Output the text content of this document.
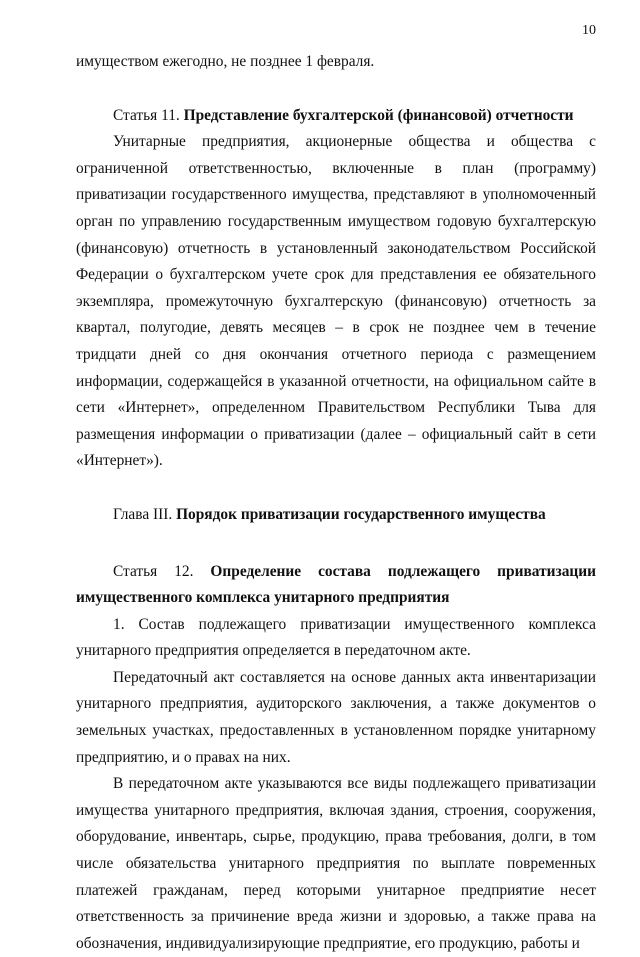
10

имуществом ежегодно, не позднее 1 февраля.

Статья 11. Представление бухгалтерской (финансовой) отчетности

Унитарные предприятия, акционерные общества и общества с ограниченной ответственностью, включенные в план (программу) приватизации государственного имущества, представляют в уполномоченный орган по управлению государственным имуществом годовую бухгалтерскую (финансовую) отчетность в установленный законодательством Российской Федерации о бухгалтерском учете срок для представления ее обязательного экземпляра, промежуточную бухгалтерскую (финансовую) отчетность за квартал, полугодие, девять месяцев – в срок не позднее чем в течение тридцати дней со дня окончания отчетного периода с размещением информации, содержащейся в указанной отчетности, на официальном сайте в сети «Интернет», определенном Правительством Республики Тыва для размещения информации о приватизации (далее – официальный сайт в сети «Интернет»).

Глава III. Порядок приватизации государственного имущества

Статья 12. Определение состава подлежащего приватизации имущественного комплекса унитарного предприятия

1. Состав подлежащего приватизации имущественного комплекса унитарного предприятия определяется в передаточном акте.

Передаточный акт составляется на основе данных акта инвентаризации унитарного предприятия, аудиторского заключения, а также документов о земельных участках, предоставленных в установленном порядке унитарному предприятию, и о правах на них.

В передаточном акте указываются все виды подлежащего приватизации имущества унитарного предприятия, включая здания, строения, сооружения, оборудование, инвентарь, сырье, продукцию, права требования, долги, в том числе обязательства унитарного предприятия по выплате повременных платежей гражданам, перед которыми унитарное предприятие несет ответственность за причинение вреда жизни и здоровью, а также права на обозначения, индивидуализирующие предприятие, его продукцию, работы и
